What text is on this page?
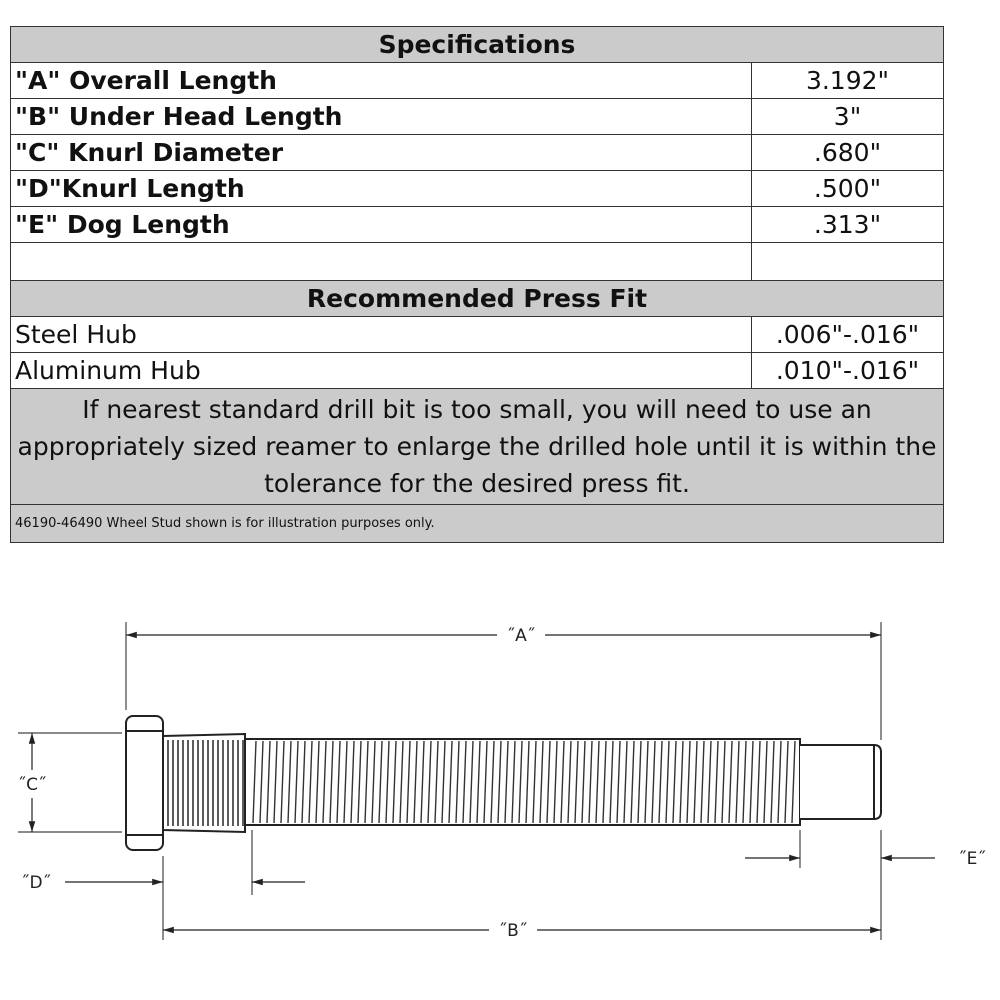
Specifications	
"A" Overall Length	3.192"
"B" Under Head Length	3"
"C" Knurl Diameter	.680"
"D"Knurl Length	.500"
"E" Dog Length	.313"

Recommended Press Fit	
Steel Hub	.006"-.016"
Aluminum Hub	.010"-.016"
If nearest standard drill bit is too small, you will need to use an appropriately sized reamer to enlarge the drilled hole until it is within the tolerance for the desired press fit.	
46190-46490 Wheel Stud shown is for illustration purposes only.	
˝A˝
˝C˝
˝D˝
˝E˝
˝B˝
